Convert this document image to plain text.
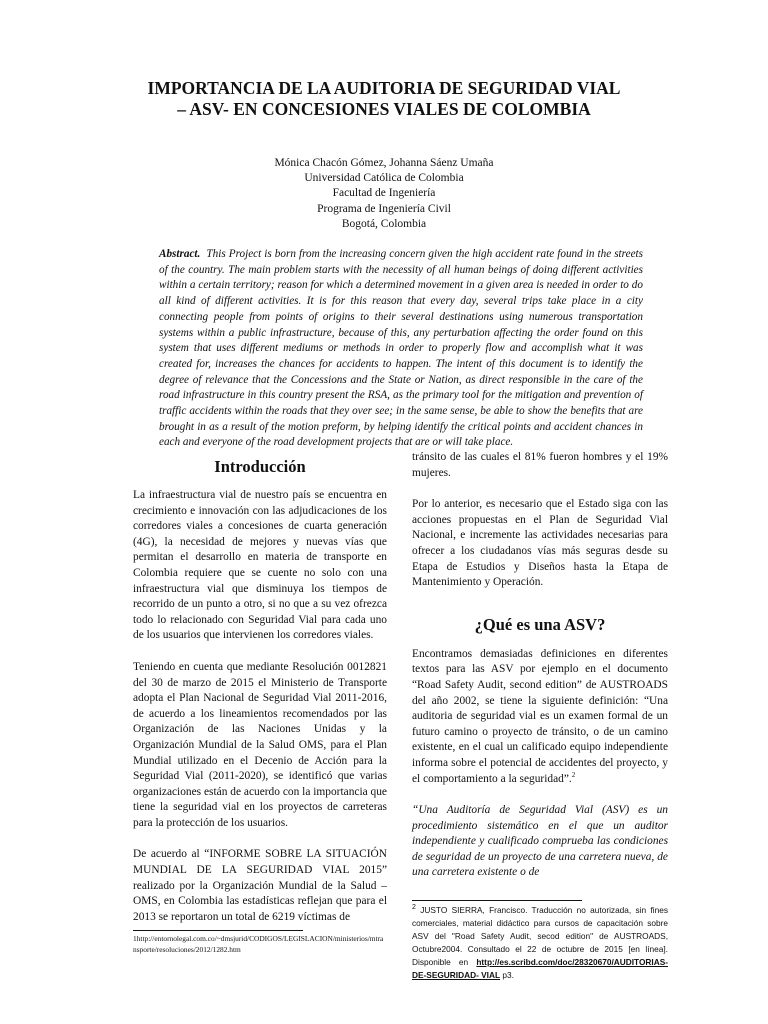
IMPORTANCIA DE LA AUDITORIA DE SEGURIDAD VIAL
– ASV- EN CONCESIONES VIALES DE COLOMBIA
Mónica Chacón Gómez, Johanna Sáenz Umaña
Universidad Católica de Colombia
Facultad de Ingeniería
Programa de Ingeniería Civil
Bogotá, Colombia
Abstract. This Project is born from the increasing concern given the high accident rate found in the streets of the country. The main problem starts with the necessity of all human beings of doing different activities within a certain territory; reason for which a determined movement in a given area is needed in order to do all kind of different activities. It is for this reason that every day, several trips take place in a city connecting people from points of origins to their several destinations using numerous transportation systems within a public infrastructure, because of this, any perturbation affecting the order found on this system that uses different mediums or methods in order to properly flow and accomplish what it was created for, increases the chances for accidents to happen. The intent of this document is to identify the degree of relevance that the Concessions and the State or Nation, as direct responsible in the care of the road infrastructure in this country present the RSA, as the primary tool for the mitigation and prevention of traffic accidents within the roads that they over see; in the same sense, be able to show the benefits that are brought in as a result of the motion preform, by helping identify the critical points and accident chances in each and everyone of the road development projects that are or will take place.
Introducción

La infraestructura vial de nuestro país se encuentra en crecimiento e innovación con las adjudicaciones de los corredores viales a concesiones de cuarta generación (4G), la necesidad de mejores y nuevas vías que permitan el desarrollo en materia de transporte en Colombia requiere que se cuente no solo con una infraestructura vial que disminuya los tiempos de recorrido de un punto a otro, si no que a su vez ofrezca todo lo relacionado con Seguridad Vial para cada uno de los usuarios que intervienen los corredores viales.

Teniendo en cuenta que mediante Resolución 0012821 del 30 de marzo de 2015 el Ministerio de Transporte adopta el Plan Nacional de Seguridad Vial 2011-2016, de acuerdo a los lineamientos recomendados por las Organización de las Naciones Unidas y la Organización Mundial de la Salud OMS, para el Plan Mundial utilizado en el Decenio de Acción para la Seguridad Vial (2011-2020), se identificó que varias organizaciones están de acuerdo con la importancia que tiene la seguridad vial en los proyectos de carreteras para la protección de los usuarios.

De acuerdo al “INFORME SOBRE LA SITUACIÓN MUNDIAL DE LA SEGURIDAD VIAL 2015” realizado por la Organización Mundial de la Salud – OMS, en Colombia las estadísticas reflejan que para el 2013 se reportaron un total de 6219 víctimas de

1http://entornolegal.com.co/~dmsjurid/CODIGOS/LEGISLACION/ministerios/mtransporte/resoluciones/2012/1282.htm

tránsito de las cuales el 81% fueron hombres y el 19% mujeres.

Por lo anterior, es necesario que el Estado siga con las acciones propuestas en el Plan de Seguridad Vial Nacional, e incremente las actividades necesarias para ofrecer a los ciudadanos vías más seguras desde su Etapa de Estudios y Diseños hasta la Etapa de Mantenimiento y Operación.

¿Qué es una ASV?

Encontramos demasiadas definiciones en diferentes textos para las ASV por ejemplo en el documento “Road Safety Audit, second edition” de AUSTROADS del año 2002, se tiene la siguiente definición: “Una auditoria de seguridad vial es un examen formal de un futuro camino o proyecto de tránsito, o de un camino existente, en el cual un calificado equipo independiente informa sobre el potencial de accidentes del proyecto, y el comportamiento a la seguridad”.$^2$

“Una Auditoría de Seguridad Vial (ASV) es un procedimiento sistemático en el que un auditor independiente y cualificado comprueba las condiciones de seguridad de un proyecto de una carretera nueva, de una carretera existente o de

$^2$ JUSTO SIERRA, Francisco. Traducción no autorizada, sin fines comerciales, material didáctico para cursos de capacitación sobre ASV del "Road Safety Audit, secod edition" de AUSTROADS, Octubre2004. Consultado el 22 de octubre de 2015 [en línea]. Disponible en http://es.scribd.com/doc/28320670/AUDITORIAS-DE-SEGURIDAD- VIAL p3.
